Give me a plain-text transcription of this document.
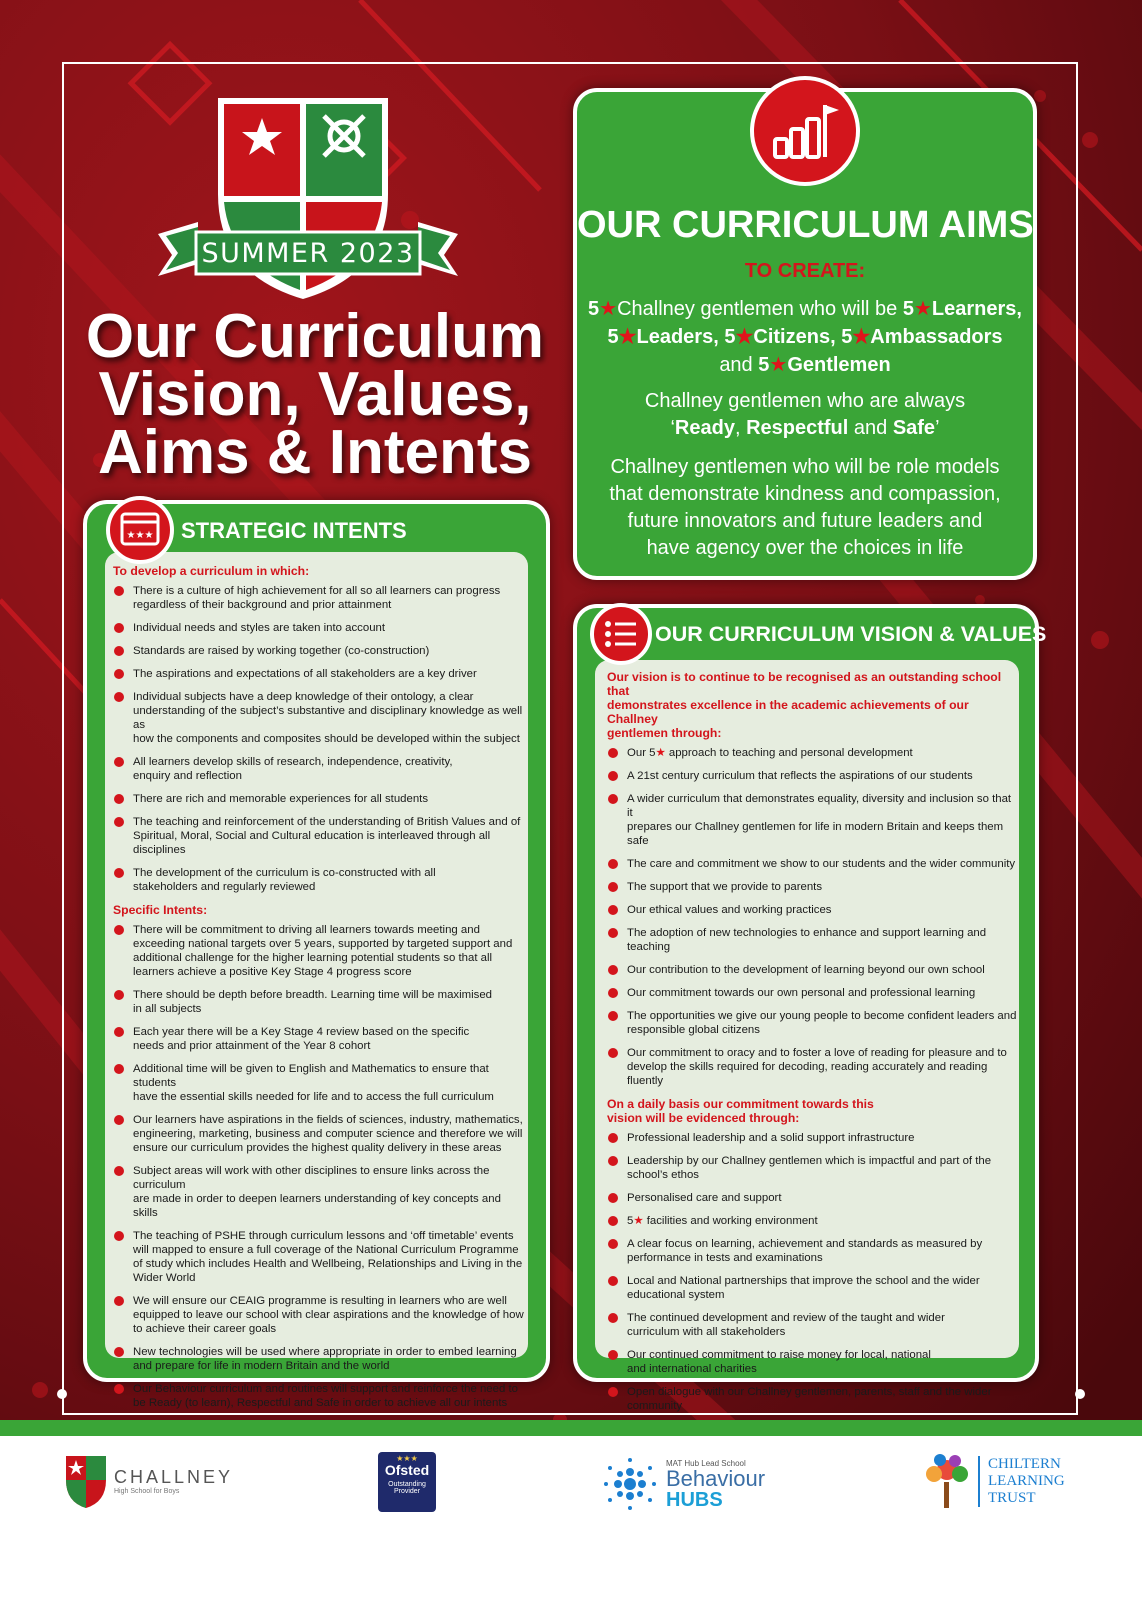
SUMMER 2023
Our Curriculum
Vision, Values,
Aims & Intents
OUR CURRICULUM AIMS
TO CREATE:
5★Challney gentlemen who will be 5★Learners,
5★Leaders, 5★Citizens, 5★Ambassadors
and 5★Gentlemen
Challney gentlemen who are always
‘Ready, Respectful and Safe’
Challney gentlemen who will be role models
that demonstrate kindness and compassion,
future innovators and future leaders and
have agency over the choices in life
STRATEGIC INTENTS
To develop a curriculum in which:
There is a culture of high achievement for all so all learners can progress
regardless of their background and prior attainment
Individual needs and styles are taken into account
Standards are raised by working together (co-construction)
The aspirations and expectations of all stakeholders are a key driver
Individual subjects have a deep knowledge of their ontology, a clear
understanding of the subject’s substantive and disciplinary knowledge as well as
how the components and composites should be developed within the subject
All learners develop skills of research, independence, creativity,
enquiry and reflection
There are rich and memorable experiences for all students
The teaching and reinforcement of the understanding of British Values and of
Spiritual, Moral, Social and Cultural education is interleaved through all disciplines
The development of the curriculum is co-constructed with all
stakeholders and regularly reviewed
Specific Intents:
There will be commitment to driving all learners towards meeting and
exceeding national targets over 5 years, supported by targeted support and
additional challenge for the higher learning potential students so that all
learners achieve a positive Key Stage 4 progress score
There should be depth before breadth. Learning time will be maximised
in all subjects
Each year there will be a Key Stage 4 review based on the specific
needs and prior attainment of the Year 8 cohort
Additional time will be given to English and Mathematics to ensure that students
have the essential skills needed for life and to access the full curriculum
Our learners have aspirations in the fields of sciences, industry, mathematics,
engineering, marketing, business and computer science and therefore we will
ensure our curriculum provides the highest quality delivery in these areas
Subject areas will work with other disciplines to ensure links across the curriculum
are made in order to deepen learners understanding of key concepts and skills
The teaching of PSHE through curriculum lessons and ‘off timetable’ events
will mapped to ensure a full coverage of the National Curriculum Programme
of study which includes Health and Wellbeing, Relationships and Living in the
Wider World
We will ensure our CEAIG programme is resulting in learners who are well
equipped to leave our school with clear aspirations and the knowledge of how
to achieve their career goals
New technologies will be used where appropriate in order to embed learning
and prepare for life in modern Britain and the world
Our Behaviour curriculum and routines will support and reinforce the need to
be Ready (to learn), Respectful and Safe in order to achieve all our intents
★★★
OUR CURRICULUM VISION & VALUES
Our vision is to continue to be recognised as an outstanding school that
demonstrates excellence in the academic achievements of our Challney
gentlemen through:
Our 5★ approach to teaching and personal development
A 21st century curriculum that reflects the aspirations of our students
A wider curriculum that demonstrates equality, diversity and inclusion so that it
prepares our Challney gentlemen for life in modern Britain and keeps them safe
The care and commitment we show to our students and the wider community
The support that we provide to parents
Our ethical values and working practices
The adoption of new technologies to enhance and support learning and teaching
Our contribution to the development of learning beyond our own school
Our commitment towards our own personal and professional learning
The opportunities we give our young people to become confident leaders and
responsible global citizens
Our commitment to oracy and to foster a love of reading for pleasure and to
develop the skills required for decoding, reading accurately and reading fluently
On a daily basis our commitment towards this
vision will be evidenced through:
Professional leadership and a solid support infrastructure
Leadership by our Challney gentlemen which is impactful and part of the
school’s ethos
Personalised care and support
5★ facilities and working environment
A clear focus on learning, achievement and standards as measured by
performance in tests and examinations
Local and National partnerships that improve the school and the wider
educational system
The continued development and review of the taught and wider
curriculum with all stakeholders
Our continued commitment to raise money for local, national
and international charities
Open dialogue with our Challney gentlemen, parents, staff and the wider community
CHALLNEY
High School for Boys
★★★
Ofsted
Outstanding
Provider
MAT Hub Lead School
Behaviour
HUBS
CHILTERN
LEARNING
TRUST
